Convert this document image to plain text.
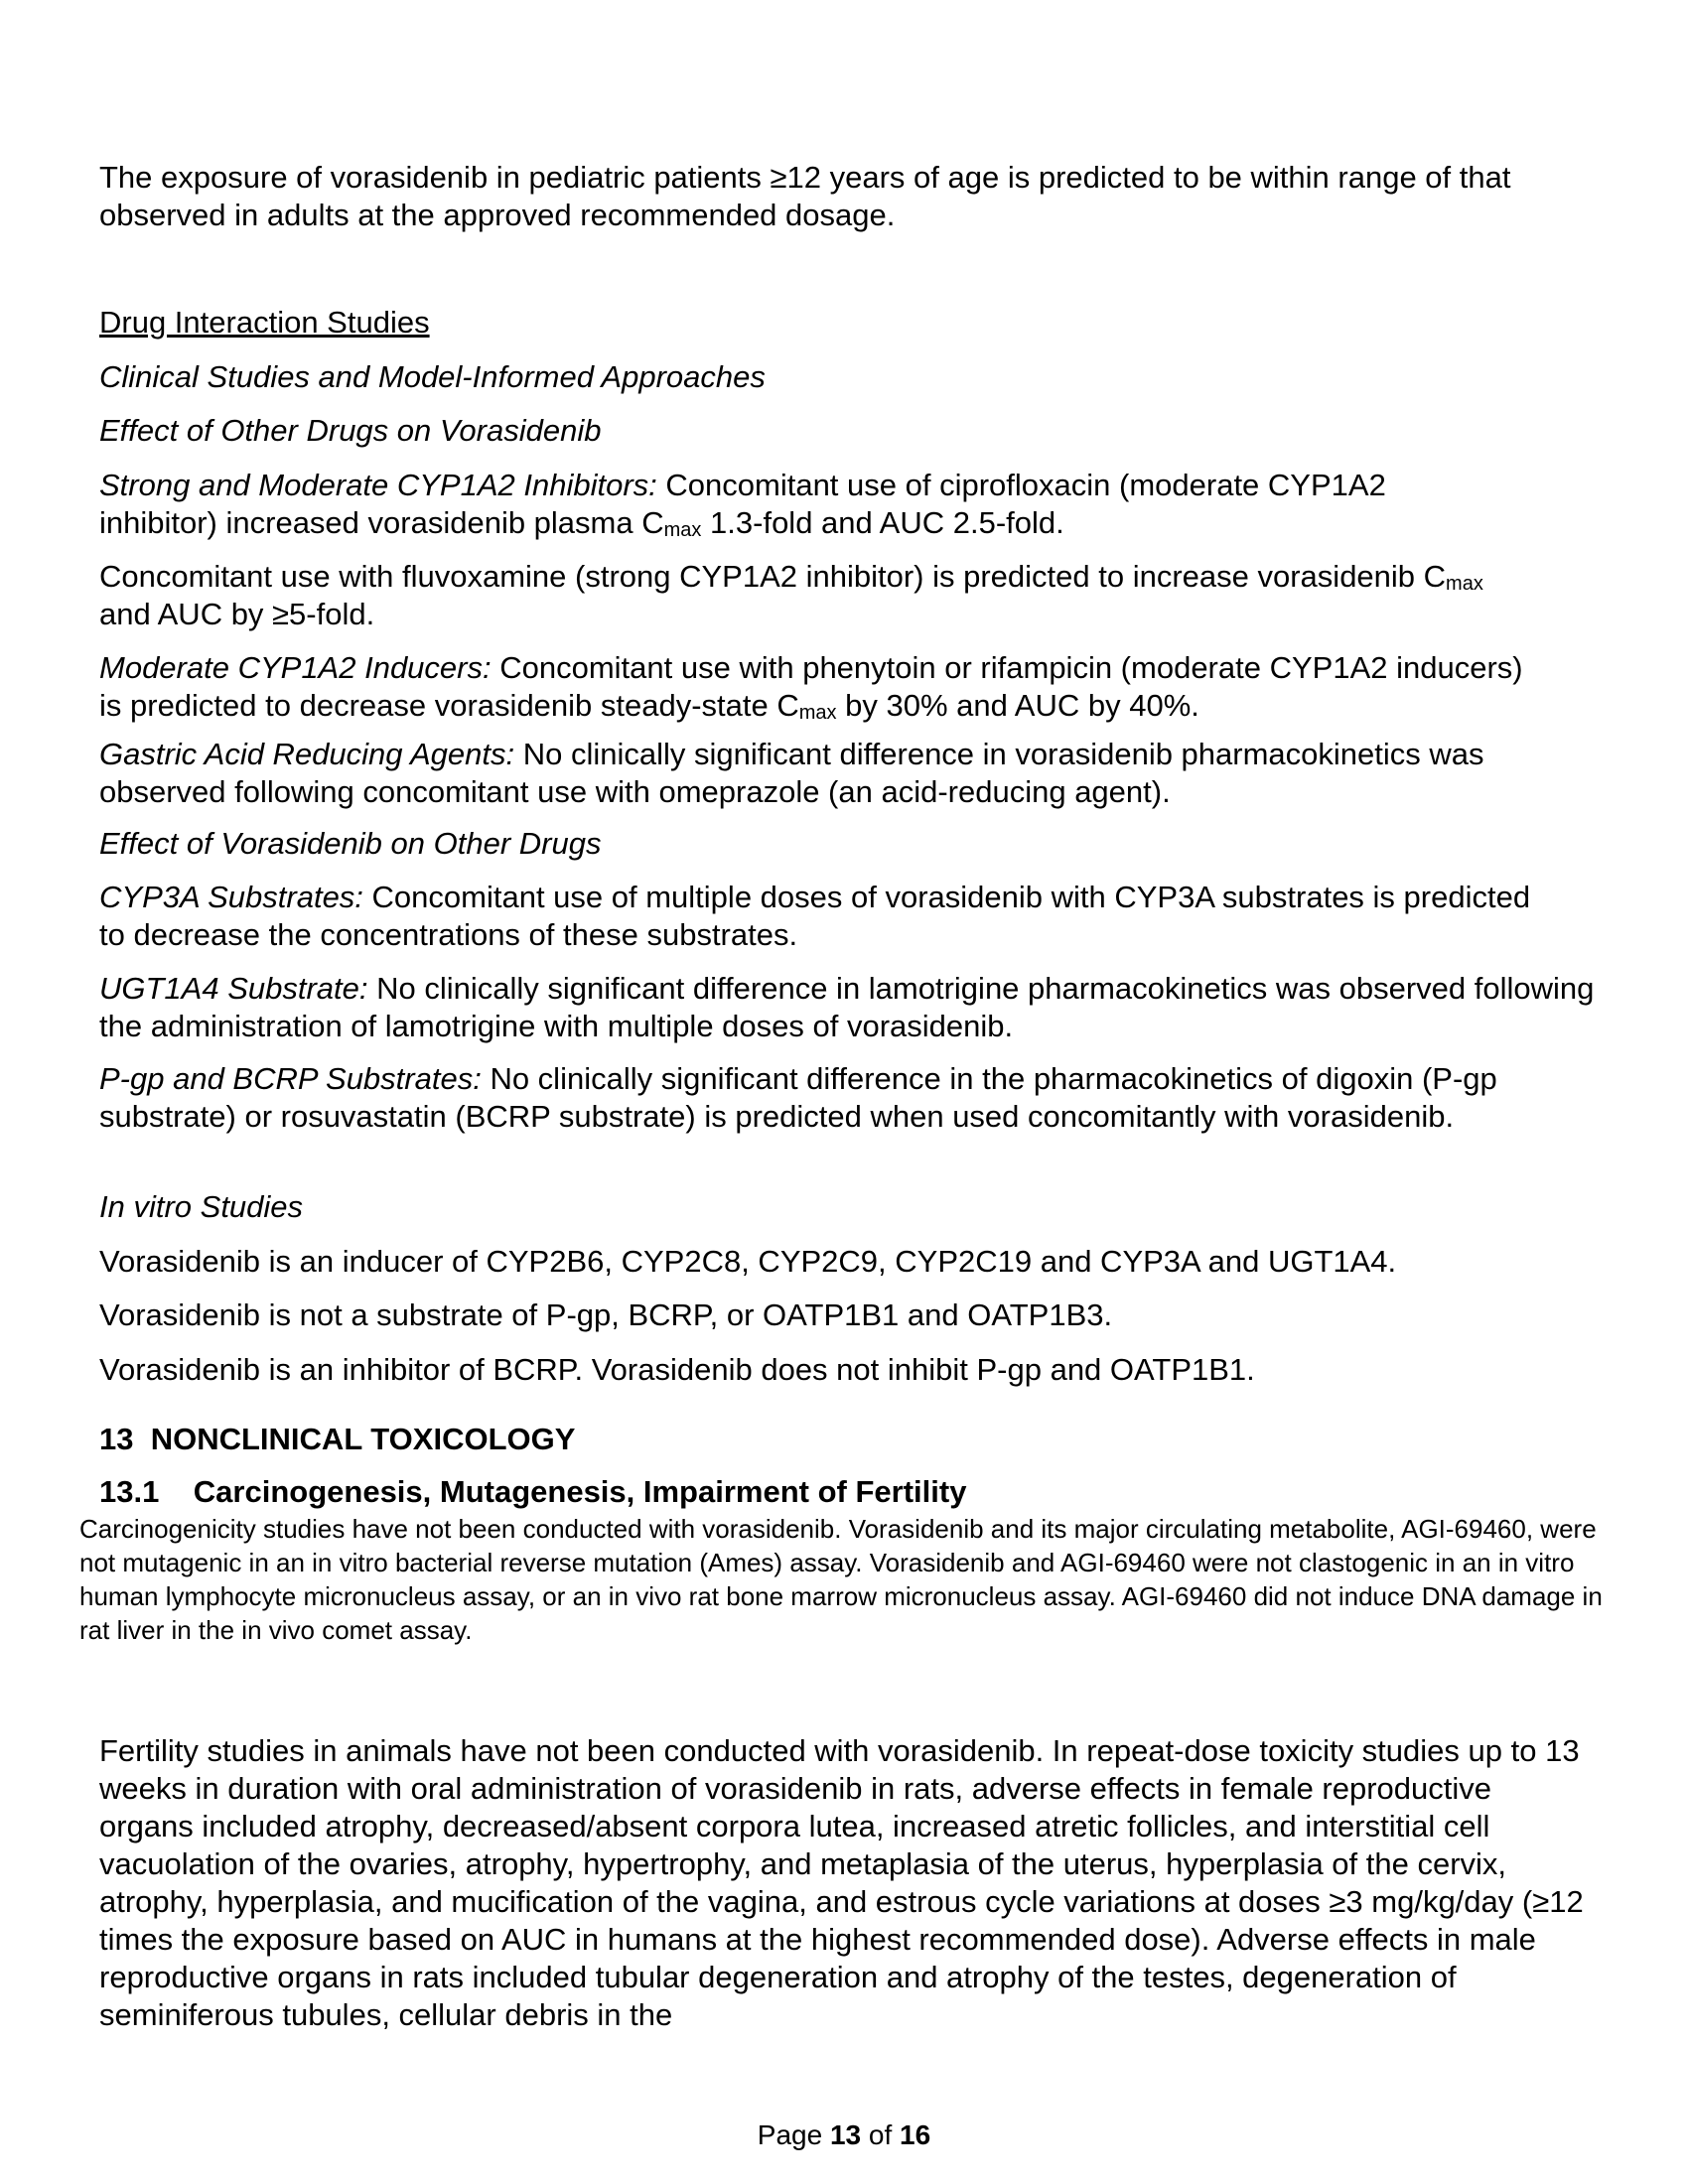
The exposure of vorasidenib in pediatric patients ≥12 years of age is predicted to be within range of that observed in adults at the approved recommended dosage.

Drug Interaction Studies

Clinical Studies and Model-Informed Approaches

Effect of Other Drugs on Vorasidenib

Strong and Moderate CYP1A2 Inhibitors: Concomitant use of ciprofloxacin (moderate CYP1A2 inhibitor) increased vorasidenib plasma $C_{max}$ 1.3-fold and AUC 2.5-fold.

Concomitant use with fluvoxamine (strong CYP1A2 inhibitor) is predicted to increase vorasidenib $C_{max}$ and AUC by ≥5-fold.

Moderate CYP1A2 Inducers: Concomitant use with phenytoin or rifampicin (moderate CYP1A2 inducers) is predicted to decrease vorasidenib steady-state $C_{max}$ by 30% and AUC by 40%.

Gastric Acid Reducing Agents: No clinically significant difference in vorasidenib pharmacokinetics was observed following concomitant use with omeprazole (an acid-reducing agent).

Effect of Vorasidenib on Other Drugs

CYP3A Substrates: Concomitant use of multiple doses of vorasidenib with CYP3A substrates is predicted to decrease the concentrations of these substrates.

UGT1A4 Substrate: No clinically significant difference in lamotrigine pharmacokinetics was observed following the administration of lamotrigine with multiple doses of vorasidenib.

P-gp and BCRP Substrates: No clinically significant difference in the pharmacokinetics of digoxin (P-gp substrate) or rosuvastatin (BCRP substrate) is predicted when used concomitantly with vorasidenib.

In vitro Studies

Vorasidenib is an inducer of CYP2B6, CYP2C8, CYP2C9, CYP2C19 and CYP3A and UGT1A4.

Vorasidenib is not a substrate of P-gp, BCRP, or OATP1B1 and OATP1B3.

Vorasidenib is an inhibitor of BCRP. Vorasidenib does not inhibit P-gp and OATP1B1.

13 NONCLINICAL TOXICOLOGY

13.1 Carcinogenesis, Mutagenesis, Impairment of Fertility

Carcinogenicity studies have not been conducted with vorasidenib. Vorasidenib and its major circulating metabolite, AGI-69460, were not mutagenic in an in vitro bacterial reverse mutation (Ames) assay. Vorasidenib and AGI-69460 were not clastogenic in an in vitro human lymphocyte micronucleus assay, or an in vivo rat bone marrow micronucleus assay. AGI-69460 did not induce DNA damage in rat liver in the in vivo comet assay.

Fertility studies in animals have not been conducted with vorasidenib. In repeat-dose toxicity studies up to 13 weeks in duration with oral administration of vorasidenib in rats, adverse effects in female reproductive organs included atrophy, decreased/absent corpora lutea, increased atretic follicles, and interstitial cell vacuolation of the ovaries, atrophy, hypertrophy, and metaplasia of the uterus, hyperplasia of the cervix, atrophy, hyperplasia, and mucification of the vagina, and estrous cycle variations at doses ≥3 mg/kg/day (≥12 times the exposure based on AUC in humans at the highest recommended dose). Adverse effects in male reproductive organs in rats included tubular degeneration and atrophy of the testes, degeneration of seminiferous tubules, cellular debris in the

Page 13 of 16
